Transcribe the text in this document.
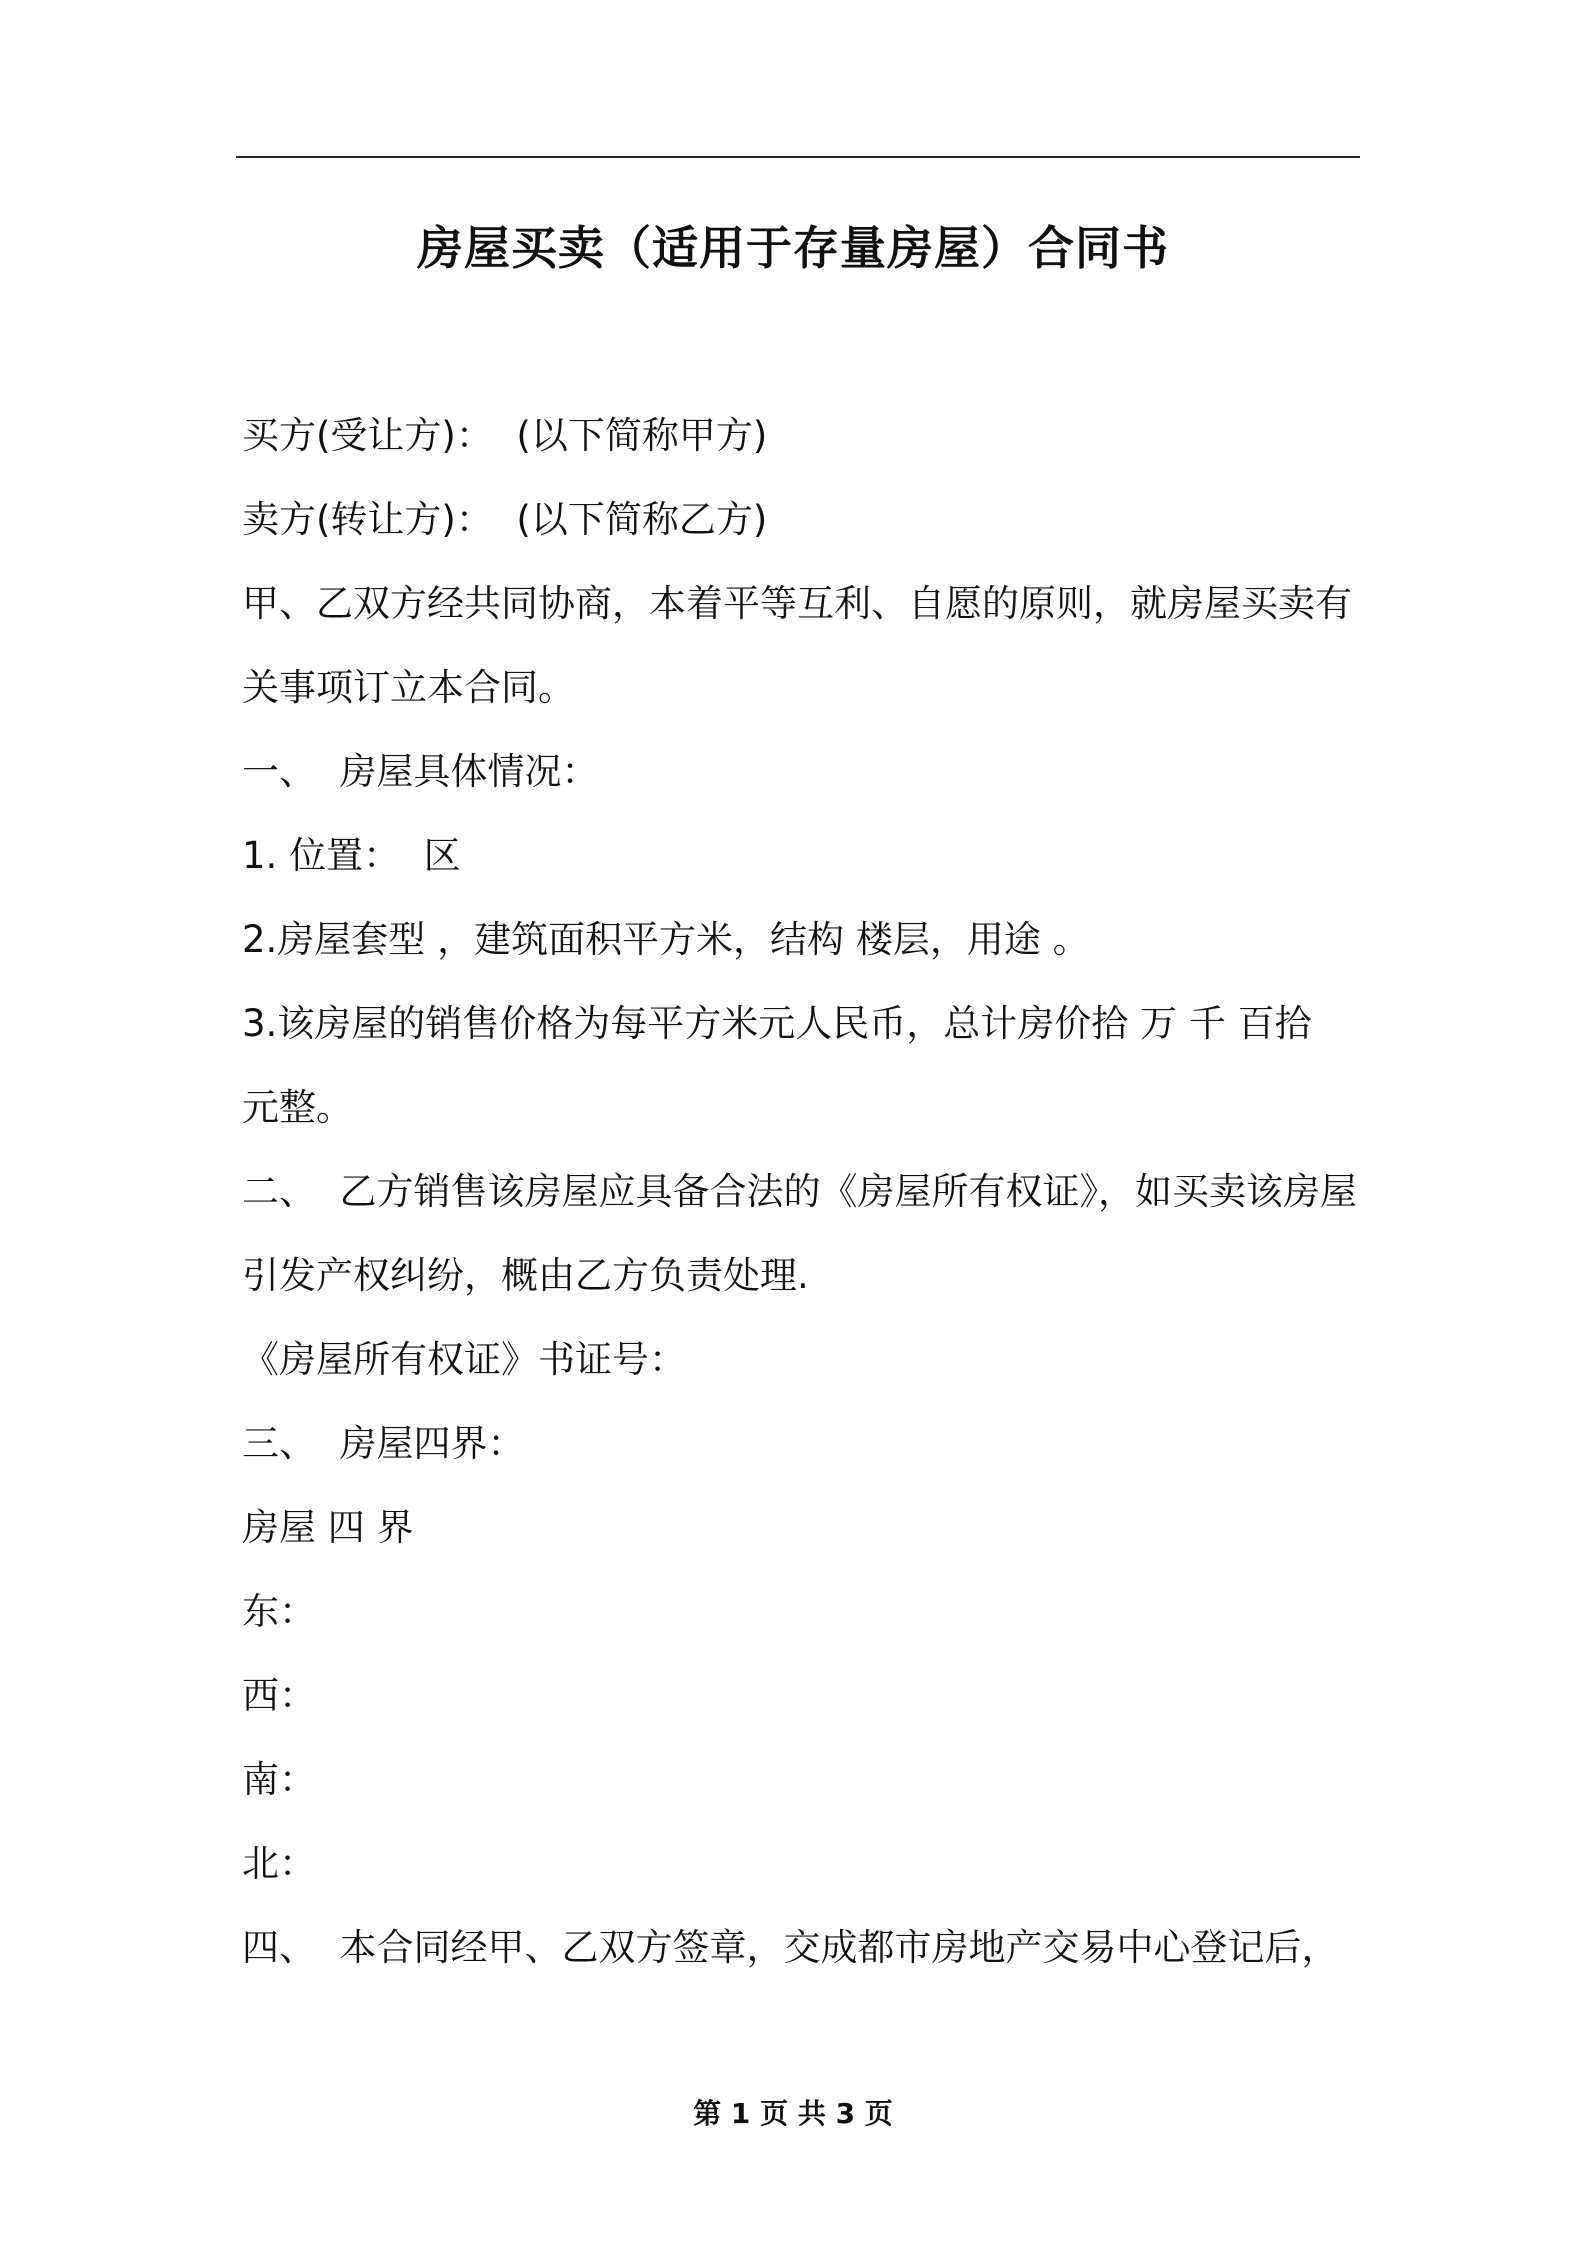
房屋买卖（适用于存量房屋）合同书
买方(受让方)：  (以下简称甲方)
卖方(转让方)：  (以下简称乙方)
甲、乙双方经共同协商，本着平等互利、自愿的原则，就房屋买卖有
关事项订立本合同。
一、  房屋具体情况：
1. 位置：  区
2.房屋套型 ，建筑面积平方米，结构 楼层，用途 。
3.该房屋的销售价格为每平方米元人民币，总计房价拾 万 千 百拾
元整。
二、  乙方销售该房屋应具备合法的《房屋所有权证》，如买卖该房屋
引发产权纠纷，概由乙方负责处理.
《房屋所有权证》书证号：
三、  房屋四界：
房屋 四 界
东：
西：
南：
北：
四、  本合同经甲、乙双方签章，交成都市房地产交易中心登记后，
第 1 页 共 3 页
